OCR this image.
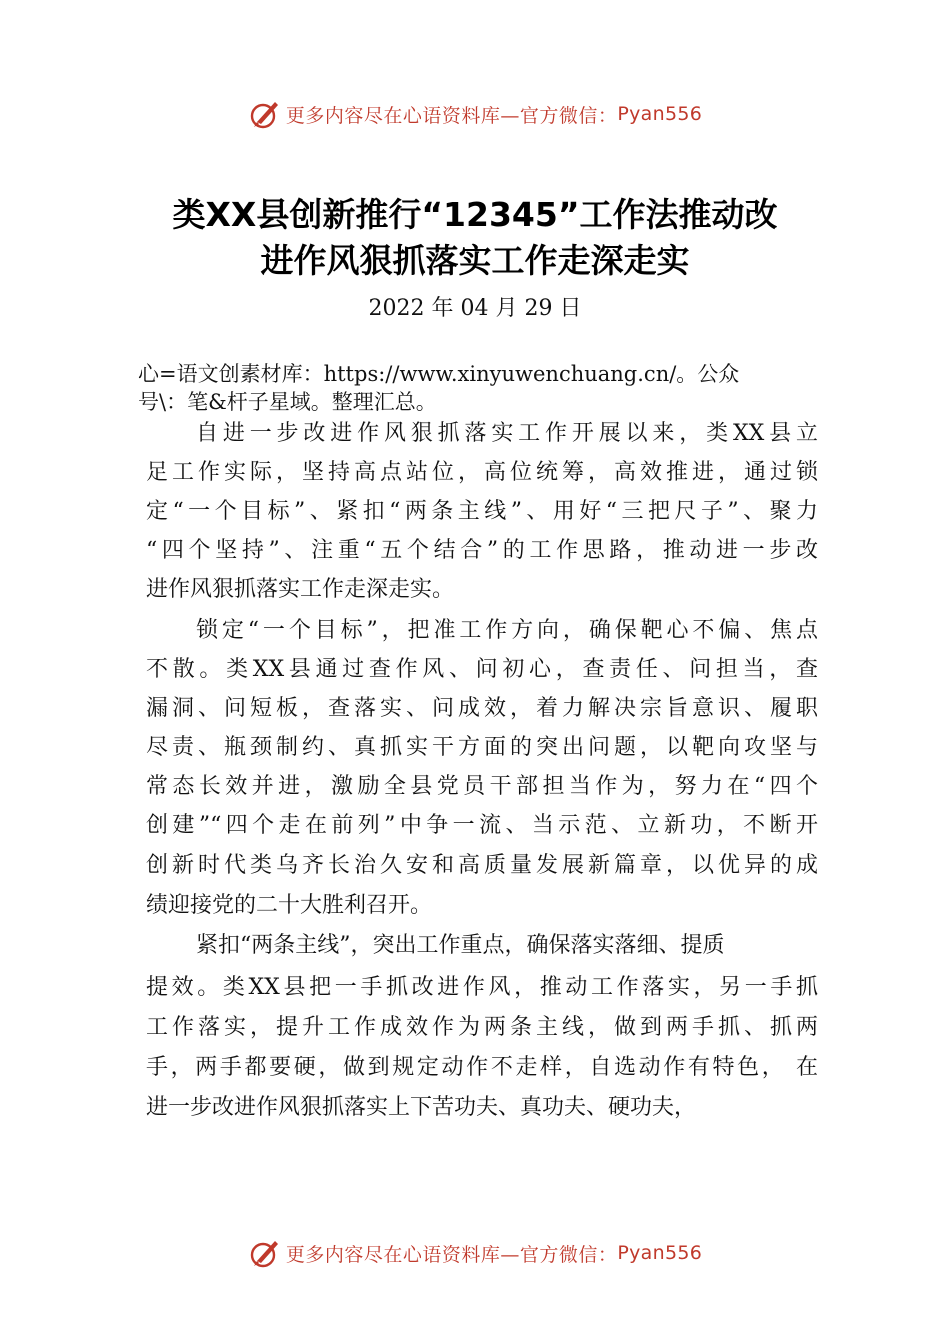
更多内容尽在心语资料库—官方微信： Pyan556
类XX县创新推行“12345”工作法推动改
进作风狠抓落实工作走深走实
2022 年 04 月 29 日
心=语文创素材库：https://www.xinyuwenchuang.cn/。公众
号\：笔&杆子星域。整理汇总。
自进一步改进作风狠抓落实工作开展以来，类XX县立
足工作实际，坚持高点站位，高位统筹，高效推进，通过锁
定“一个目标”、紧扣“两条主线”、用好“三把尺子”、聚力
“四个坚持”、注重“五个结合”的工作思路，推动进一步改
进作风狠抓落实工作走深走实。
锁定“一个目标”，把准工作方向，确保靶心不偏、焦点
不散。类XX县通过查作风、问初心，查责任、问担当，查
漏洞、问短板，查落实、问成效，着力解决宗旨意识、履职
尽责、瓶颈制约、真抓实干方面的突出问题，以靶向攻坚与
常态长效并进，激励全县党员干部担当作为，努力在“四个
创建”“四个走在前列”中争一流、当示范、立新功，不断开
创新时代类乌齐长治久安和高质量发展新篇章，以优异的成
绩迎接党的二十大胜利召开。
紧扣“两条主线”，突出工作重点，确保落实落细、提质
提效。类XX县把一手抓改进作风，推动工作落实，另一手抓
工作落实，提升工作成效作为两条主线，做到两手抓、抓两
手，两手都要硬，做到规定动作不走样，自选动作有特色， 在
进一步改进作风狠抓落实上下苦功夫、真功夫、硬功夫，
更多内容尽在心语资料库—官方微信： Pyan556
